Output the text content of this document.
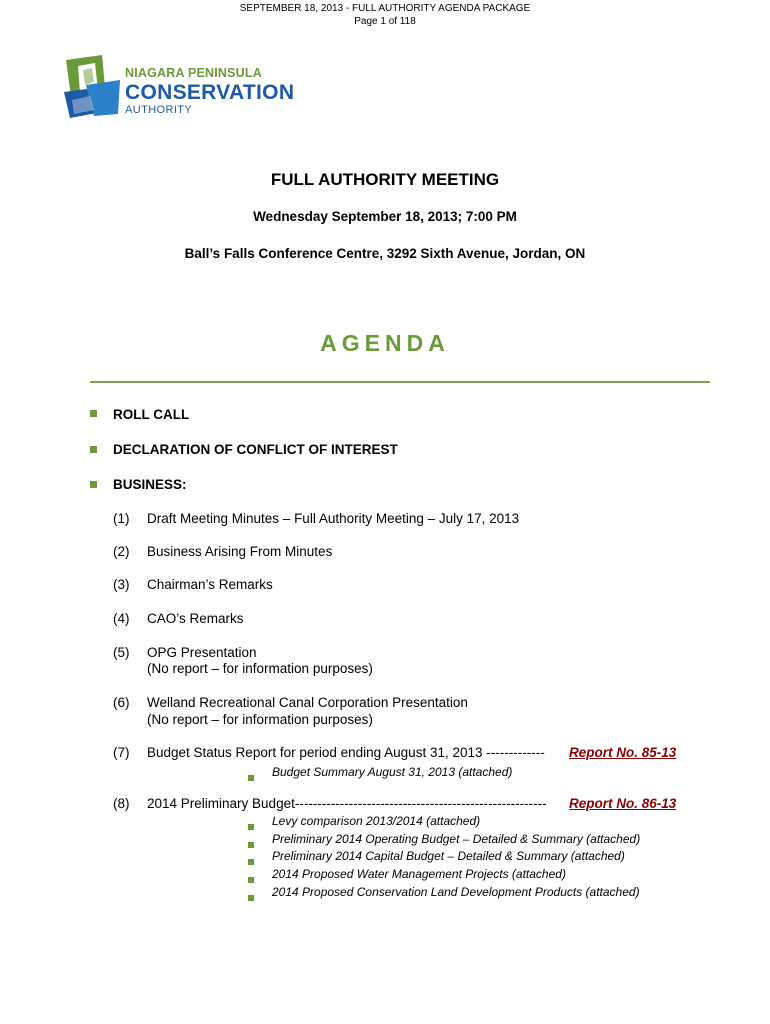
SEPTEMBER 18, 2013 - FULL AUTHORITY AGENDA PACKAGE
Page 1 of 118
NIAGARA PENINSULA
CONSERVATION
AUTHORITY
FULL AUTHORITY MEETING
Wednesday September 18, 2013; 7:00 PM
Ball’s Falls Conference Centre, 3292 Sixth Avenue, Jordan, ON
AGENDA
ROLL CALL
DECLARATION OF CONFLICT OF INTEREST
BUSINESS:
(1) Draft Meeting Minutes – Full Authority Meeting – July 17, 2013
(2) Business Arising From Minutes
(3) Chairman’s Remarks
(4) CAO’s Remarks
(5) OPG Presentation
(No report – for information purposes)
(6) Welland Recreational Canal Corporation Presentation
(No report – for information purposes)
(7) Budget Status Report for period ending August 31, 2013 ------------- Report No. 85-13
Budget Summary August 31, 2013 (attached)
(8) 2014 Preliminary Budget-------------------------------------------------------- Report No. 86-13
Levy comparison 2013/2014 (attached)
Preliminary 2014 Operating Budget – Detailed & Summary (attached)
Preliminary 2014 Capital Budget – Detailed & Summary (attached)
2014 Proposed Water Management Projects (attached)
2014 Proposed Conservation Land Development Products (attached)
